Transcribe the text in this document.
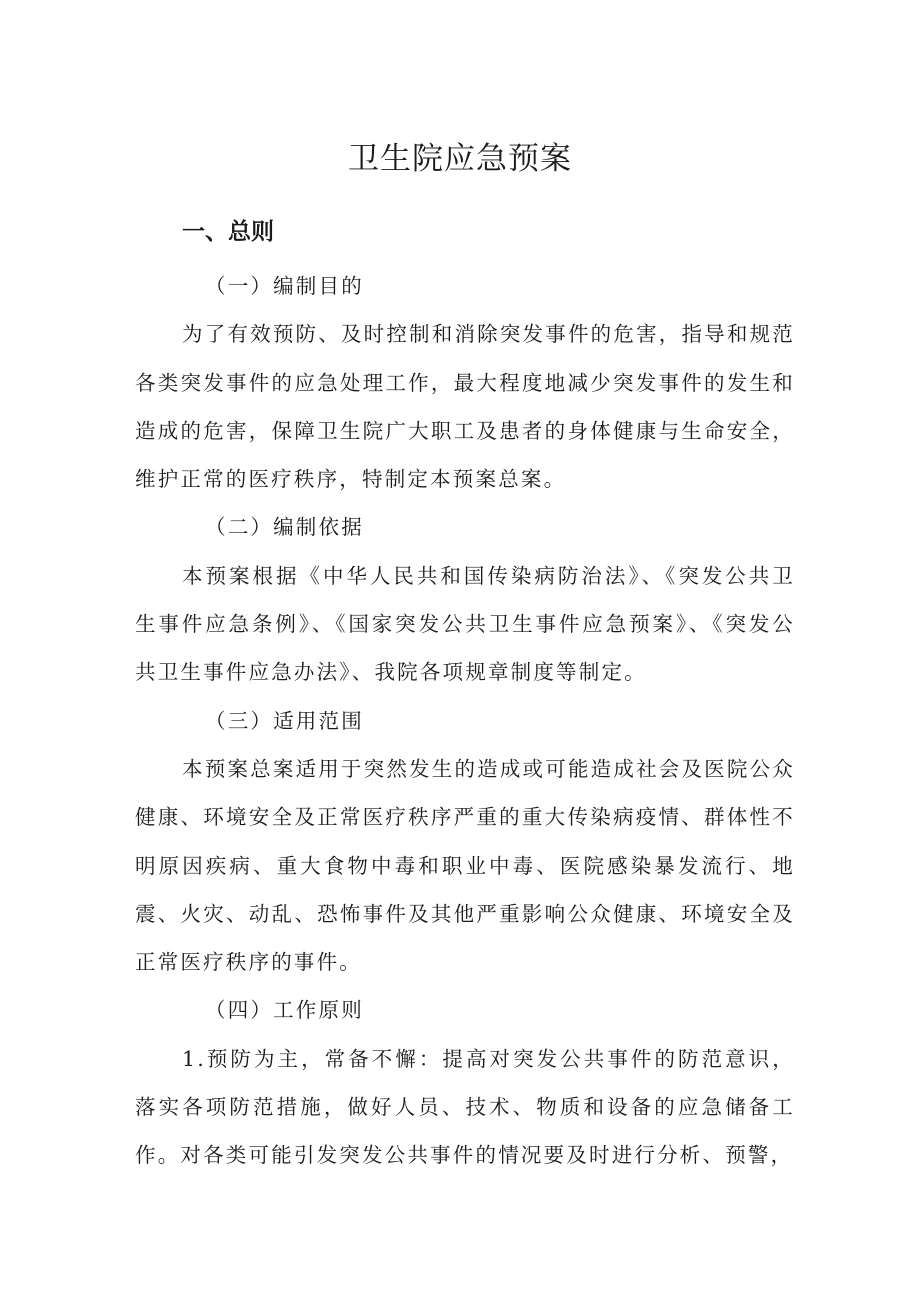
卫生院应急预案
一、总则

（一）编制目的

为了有效预防、及时控制和消除突发事件的危害，指导和规范各类突发事件的应急处理工作，最大程度地减少突发事件的发生和造成的危害，保障卫生院广大职工及患者的身体健康与生命安全，维护正常的医疗秩序，特制定本预案总案。

（二）编制依据

本预案根据《中华人民共和国传染病防治法》、《突发公共卫生事件应急条例》、《国家突发公共卫生事件应急预案》、《突发公共卫生事件应急办法》、我院各项规章制度等制定。

（三）适用范围

本预案总案适用于突然发生的造成或可能造成社会及医院公众健康、环境安全及正常医疗秩序严重的重大传染病疫情、群体性不明原因疾病、重大食物中毒和职业中毒、医院感染暴发流行、地震、火灾、动乱、恐怖事件及其他严重影响公众健康、环境安全及正常医疗秩序的事件。

（四）工作原则

1.预防为主，常备不懈：提高对突发公共事件的防范意识，落实各项防范措施，做好人员、技术、物质和设备的应急储备工作。对各类可能引发突发公共事件的情况要及时进行分析、预警，
